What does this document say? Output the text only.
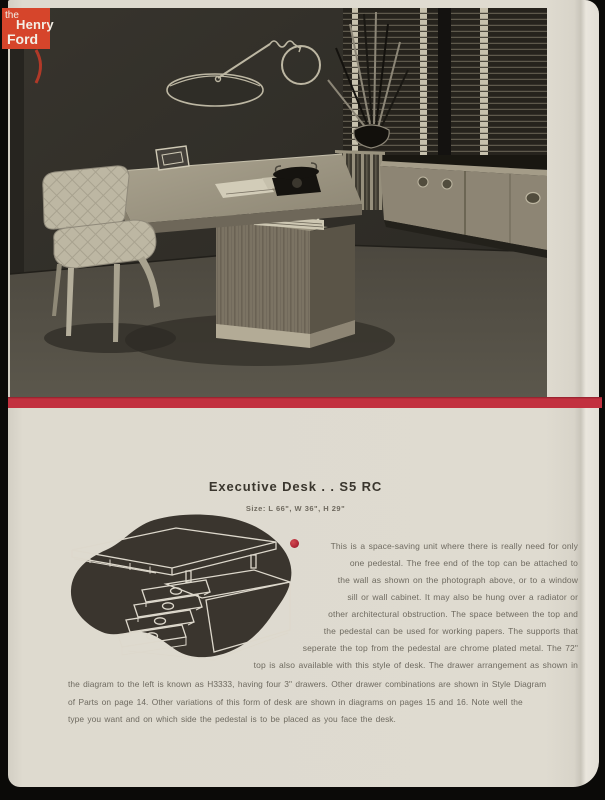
Executive Desk . . S5 RC
Size: L 66", W 36", H 29"
This is a space-saving unit where there is really need for only
one pedestal. The free end of the top can be attached to
the wall as shown on the photograph above, or to a window
sill or wall cabinet. It may also be hung over a radiator or
other architectural obstruction. The space between the top and
the pedestal can be used for working papers. The supports that
seperate the top from the pedestal are chrome plated metal. The 72"
top is also available with this style of desk. The drawer arrangement as shown in
the diagram to the left is known as H3333, having four 3" drawers. Other drawer combinations are shown in Style Diagram
of Parts on page 14. Other variations of this form of desk are shown in diagrams on pages 15 and 16. Note well the
type you want and on which side the pedestal is to be placed as you face the desk.
the
Henry
Ford
